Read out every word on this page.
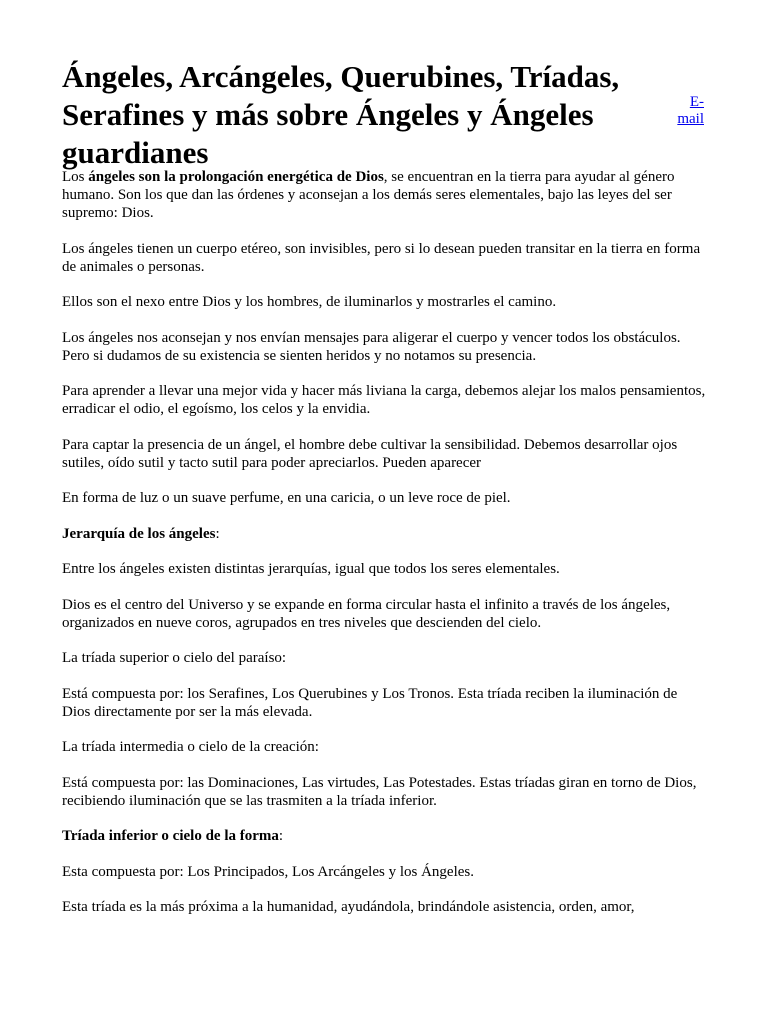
Ángeles, Arcángeles, Querubines, Tríadas, Serafines y más sobre Ángeles y Ángeles guardianes
E-mail

Los ángeles son la prolongación energética de Dios, se encuentran en la tierra para ayudar al género humano. Son los que dan las órdenes y aconsejan a los demás seres elementales, bajo las leyes del ser supremo: Dios.

Los ángeles tienen un cuerpo etéreo, son invisibles, pero si lo desean pueden transitar en la tierra en forma de animales o personas.

Ellos son el nexo entre Dios y los hombres, de iluminarlos y mostrarles el camino.

Los ángeles nos aconsejan y nos envían mensajes para aligerar el cuerpo y vencer todos los obstáculos. Pero si dudamos de su existencia se sienten heridos y no notamos su presencia.

Para aprender a llevar una mejor vida y hacer más liviana la carga, debemos alejar los malos pensamientos, erradicar el odio, el egoísmo, los celos y la envidia.

Para captar la presencia de un ángel, el hombre debe cultivar la sensibilidad. Debemos desarrollar ojos sutiles, oído sutil y tacto sutil para poder apreciarlos. Pueden aparecer

En forma de luz o un suave perfume, en una caricia, o un leve roce de piel.

Jerarquía de los ángeles:

Entre los ángeles existen distintas jerarquías, igual que todos los seres elementales.

Dios es el centro del Universo y se expande en forma circular hasta el infinito a través de los ángeles, organizados en nueve coros, agrupados en tres niveles que descienden del cielo.

La tríada superior o cielo del paraíso:

Está compuesta por: los Serafines, Los Querubines y Los Tronos. Esta tríada reciben la iluminación de Dios directamente por ser la más elevada.

La tríada intermedia o cielo de la creación:

Está compuesta por: las Dominaciones, Las virtudes, Las Potestades. Estas tríadas giran en torno de Dios, recibiendo iluminación que se las trasmiten a la tríada inferior.

Tríada inferior o cielo de la forma:

Esta compuesta por: Los Principados, Los Arcángeles y los Ángeles.

Esta tríada es la más próxima a la humanidad, ayudándola, brindándole asistencia, orden, amor,
